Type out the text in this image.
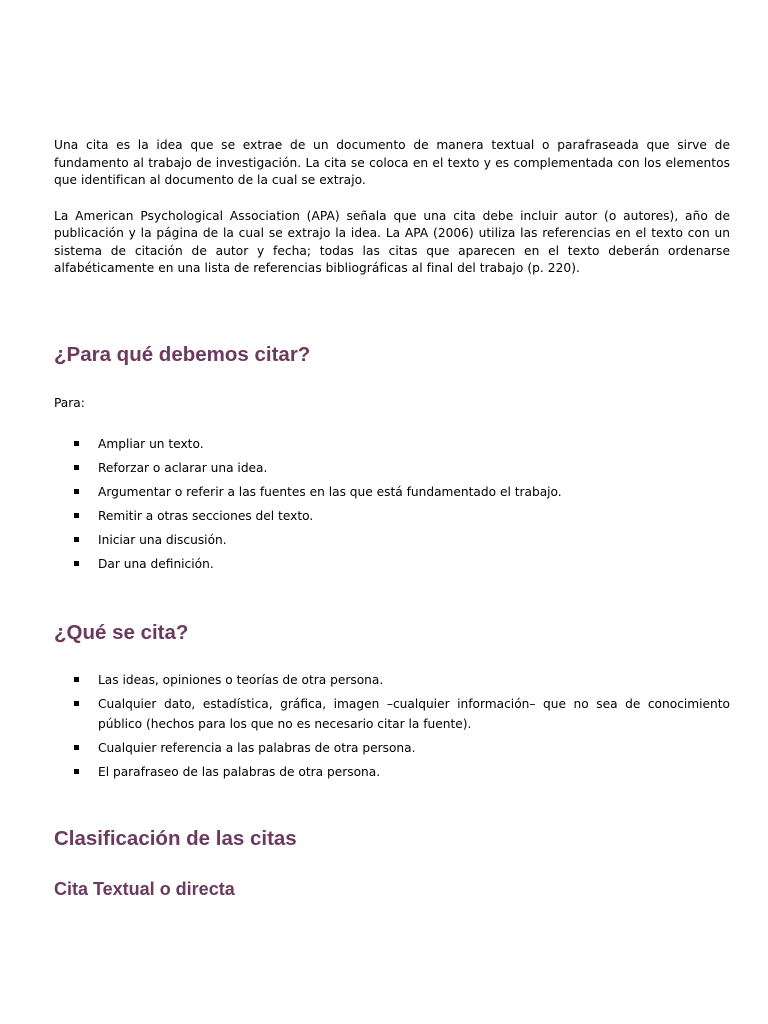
Una cita es la idea que se extrae de un documento de manera textual o parafraseada que sirve de fundamento al trabajo de investigación. La cita se coloca en el texto y es complementada con los elementos que identifican al documento de la cual se extrajo.

La American Psychological Association (APA) señala que una cita debe incluir autor (o autores), año de publicación y la página de la cual se extrajo la idea. La APA (2006) utiliza las referencias en el texto con un sistema de citación de autor y fecha; todas las citas que aparecen en el texto deberán ordenarse alfabéticamente en una lista de referencias bibliográficas al final del trabajo (p. 220).

¿Para qué debemos citar?

Para:

Ampliar un texto.
Reforzar o aclarar una idea.
Argumentar o referir a las fuentes en las que está fundamentado el trabajo.
Remitir a otras secciones del texto.
Iniciar una discusión.
Dar una definición.
¿Qué se cita?
Las ideas, opiniones o teorías de otra persona.
Cualquier dato, estadística, gráfica, imagen –cualquier información– que no sea de conocimiento público (hechos para los que no es necesario citar la fuente).
Cualquier referencia a las palabras de otra persona.
El parafraseo de las palabras de otra persona.
Clasificación de las citas
Cita Textual o directa
